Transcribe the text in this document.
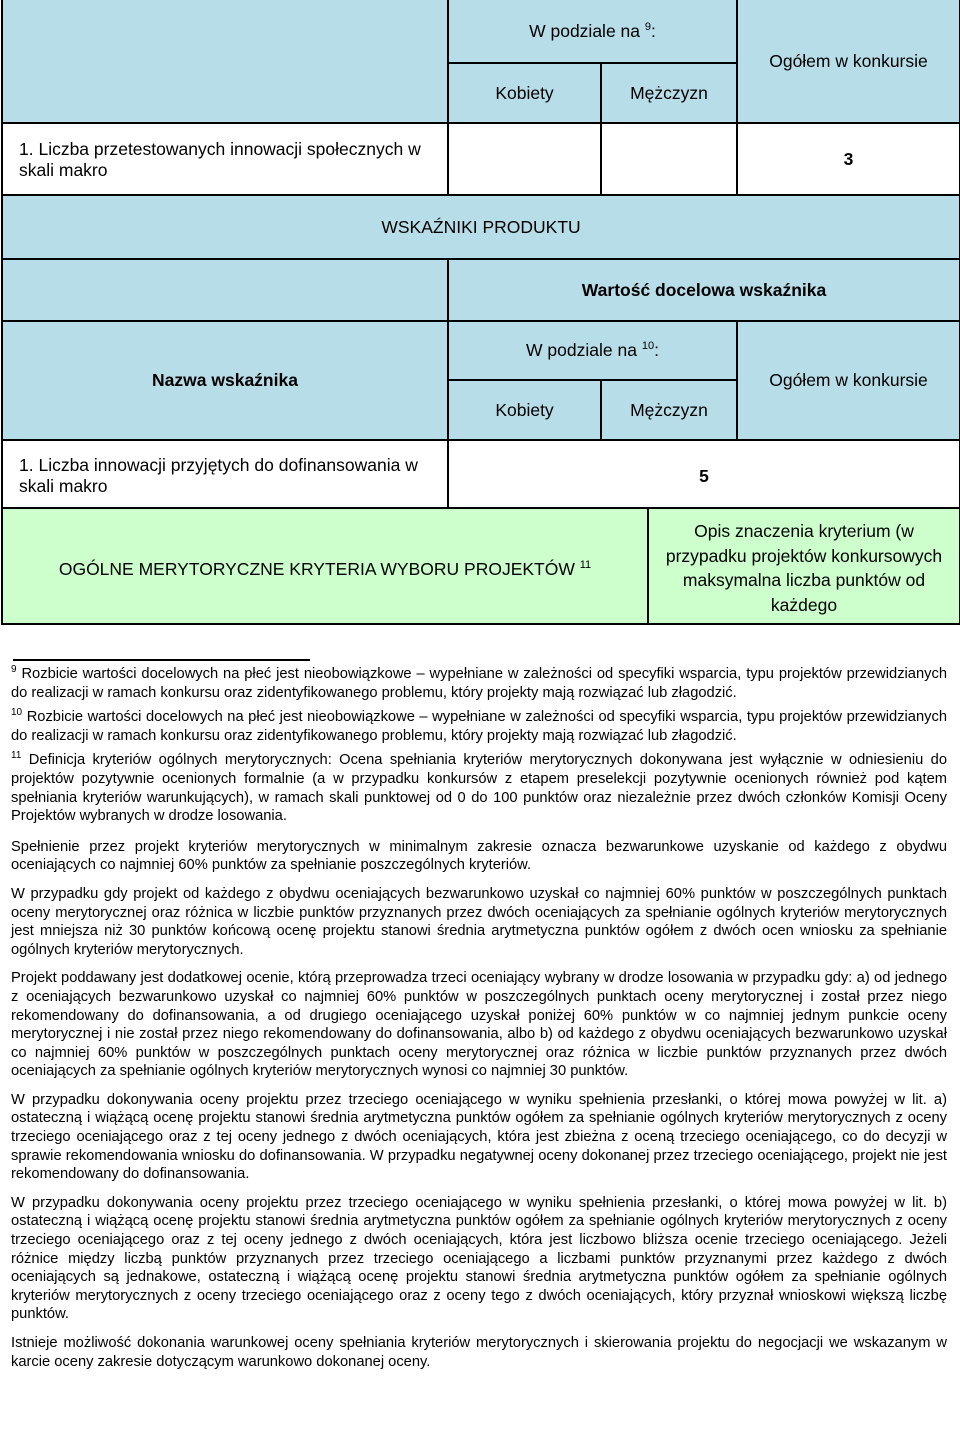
	W podziale na $^9$:		Ogółem w konkursie
	Kobiety	Mężczyzn	
1. Liczba przetestowanych innowacji społecznych w skali makro			3
WSKAŹNIKI PRODUKTU			
	Wartość docelowa wskaźnika		
Nazwa wskaźnika	W podziale na $^{10}$:		Ogółem w konkursie
	Kobiety	Mężczyzn	
1. Liczba innowacji przyjętych do dofinansowania w skali makro	5		
OGÓLNE MERYTORYCZNE KRYTERIA WYBORU PROJEKTÓW $^{11}$	Opis znaczenia kryterium (w przypadku projektów konkursowych maksymalna liczba punktów od każdego

$^9$ Rozbicie wartości docelowych na płeć jest nieobowiązkowe – wypełniane w zależności od specyfiki wsparcia, typu projektów przewidzianych do realizacji w ramach konkursu oraz zidentyfikowanego problemu, który projekty mają rozwiązać lub złagodzić.

$^{10}$ Rozbicie wartości docelowych na płeć jest nieobowiązkowe – wypełniane w zależności od specyfiki wsparcia, typu projektów przewidzianych do realizacji w ramach konkursu oraz zidentyfikowanego problemu, który projekty mają rozwiązać lub złagodzić.

$^{11}$ Definicja kryteriów ogólnych merytorycznych: Ocena spełniania kryteriów merytorycznych dokonywana jest wyłącznie w odniesieniu do projektów pozytywnie ocenionych formalnie (a w przypadku konkursów z etapem preselekcji pozytywnie ocenionych również pod kątem spełniania kryteriów warunkujących), w ramach skali punktowej od 0 do 100 punktów oraz niezależnie przez dwóch członków Komisji Oceny Projektów wybranych w drodze losowania.

Spełnienie przez projekt kryteriów merytorycznych w minimalnym zakresie oznacza bezwarunkowe uzyskanie od każdego z obydwu oceniających co najmniej 60% punktów za spełnianie poszczególnych kryteriów.

W przypadku gdy projekt od każdego z obydwu oceniających bezwarunkowo uzyskał co najmniej 60% punktów w poszczególnych punktach oceny merytorycznej oraz różnica w liczbie punktów przyznanych przez dwóch oceniających za spełnianie ogólnych kryteriów merytorycznych jest mniejsza niż 30 punktów końcową ocenę projektu stanowi średnia arytmetyczna punktów ogółem z dwóch ocen wniosku za spełnianie ogólnych kryteriów merytorycznych.

Projekt poddawany jest dodatkowej ocenie, którą przeprowadza trzeci oceniający wybrany w drodze losowania w przypadku gdy: a) od jednego z oceniających bezwarunkowo uzyskał co najmniej 60% punktów w poszczególnych punktach oceny merytorycznej i został przez niego rekomendowany do dofinansowania, a od drugiego oceniającego uzyskał poniżej 60% punktów w co najmniej jednym punkcie oceny merytorycznej i nie został przez niego rekomendowany do dofinansowania, albo b) od każdego z obydwu oceniających bezwarunkowo uzyskał co najmniej 60% punktów w poszczególnych punktach oceny merytorycznej oraz różnica w liczbie punktów przyznanych przez dwóch oceniających za spełnianie ogólnych kryteriów merytorycznych wynosi co najmniej 30 punktów.

W przypadku dokonywania oceny projektu przez trzeciego oceniającego w wyniku spełnienia przesłanki, o której mowa powyżej w lit. a) ostateczną i wiążącą ocenę projektu stanowi średnia arytmetyczna punktów ogółem za spełnianie ogólnych kryteriów merytorycznych z oceny trzeciego oceniającego oraz z tej oceny jednego z dwóch oceniających, która jest zbieżna z oceną trzeciego oceniającego, co do decyzji w sprawie rekomendowania wniosku do dofinansowania. W przypadku negatywnej oceny dokonanej przez trzeciego oceniającego, projekt nie jest rekomendowany do dofinansowania.

W przypadku dokonywania oceny projektu przez trzeciego oceniającego w wyniku spełnienia przesłanki, o której mowa powyżej w lit. b) ostateczną i wiążącą ocenę projektu stanowi średnia arytmetyczna punktów ogółem za spełnianie ogólnych kryteriów merytorycznych z oceny trzeciego oceniającego oraz z tej oceny jednego z dwóch oceniających, która jest liczbowo bliższa ocenie trzeciego oceniającego. Jeżeli różnice między liczbą punktów przyznanych przez trzeciego oceniającego a liczbami punktów przyznanymi przez każdego z dwóch oceniających są jednakowe, ostateczną i wiążącą ocenę projektu stanowi średnia arytmetyczna punktów ogółem za spełnianie ogólnych kryteriów merytorycznych z oceny trzeciego oceniającego oraz z oceny tego z dwóch oceniających, który przyznał wnioskowi większą liczbę punktów.

Istnieje możliwość dokonania warunkowej oceny spełniania kryteriów merytorycznych i skierowania projektu do negocjacji we wskazanym w karcie oceny zakresie dotyczącym warunkowo dokonanej oceny.
